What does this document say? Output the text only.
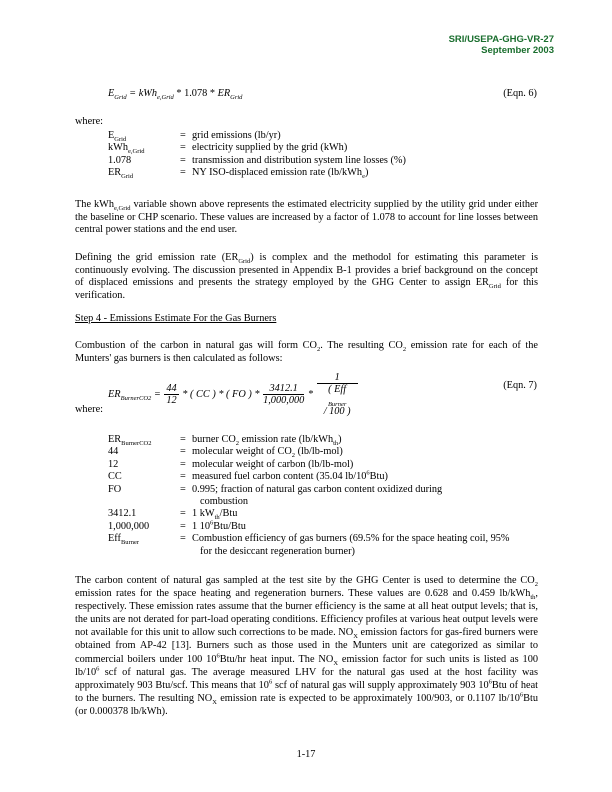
SRI/USEPA-GHG-VR-27
September 2003
$E_{Grid} = kWh_{e,Grid} * 1.078 * ER_{Grid}$	(Eqn. 6)
where:
$E_{Grid}$	= grid emissions (lb/yr)
kWh$_{e,Grid}$	= electricity supplied by the grid (kWh)
1.078	= transmission and distribution system line losses (%)
$ER_{Grid}$	= NY ISO-displaced emission rate (lb/kWh$_e$)
The kWh$_{e,Grid}$ variable shown above represents the estimated electricity supplied by the utility grid under either the baseline or CHP scenario. These values are increased by a factor of 1.078 to account for line losses between central power stations and the end user.
Defining the grid emission rate $(ER_{Grid})$ is complex and the methodol for estimating this parameter is continuously evolving. The discussion presented in Appendix B-1 provides a brief background on the concept of displaced emissions and presents the strategy employed by the GHG Center to assign $ER_{Grid}$ for this verification.
Step 4 - Emissions Estimate For the Gas Burners
Combustion of the carbon in natural gas will form $CO_2$. The resulting $CO_2$ emission rate for each of the Munters' gas burners is then calculated as follows:
$ER_{BurnerCO2} = \frac{44}{12}$ * ( CC ) * ( FO ) * $\frac{3412.1}{1,000,000} * 1$
( Eff
$_{Burner}$
/ 100 )	(Eqn. 7)
where:
$ER_{BurnerCO2}$	= burner $CO_2$ emission rate (lb/kWh$_{th}$)
44	= molecular weight of $CO_2$ (lb/lb-mol)
12	= molecular weight of carbon (lb/lb-mol)
CC	= measured fuel carbon content (35.04 $lb/10^6Btu$)
FO	= 0.995; fraction of natural gas carbon content oxidized during
combustion
3412.1	= 1 $kW_{th}$/Btu
1,000,000	= 1 $10^6Btu$/Btu
Eff$_{Burner}$	= Combustion efficiency of gas burners (69.5% for the space heating coil, 95%
for the desiccant regeneration burner)
The carbon content of natural gas sampled at the test site by the GHG Center is used to determine the $CO_2$ emission rates for the space heating and regeneration burners. These values are 0.628 and 0.459 lb/kWh$_{th}$, respectively. These emission rates assume that the burner efficiency is the same at all heat output levels; that is, the units are not derated for part-load operating conditions. Efficiency profiles at various heat output levels were not available for this unit to allow such corrections to be made. $NO_X$ emission factors for gas-fired burners were obtained from AP-42 [13]. Burners such as those used in the Munters unit are categorized as similar to commercial boilers under 100 $10^6Btu/hr$ heat input. The $NO_X$ emission factor for such units is listed as 100 $lb/10^6$ scf of natural gas. The average measured LHV for the natural gas used at the host facility was approximately 903 Btu/scf. This means that $10^6$ scf of natural gas will supply approximately 903 $10^6Btu$ of heat to the burners. The resulting $NO_X$ emission rate is expected to be approximately 100/903, or 0.1107 $lb/10^6Btu$ (or 0.000378 lb/kWh).
1-17
